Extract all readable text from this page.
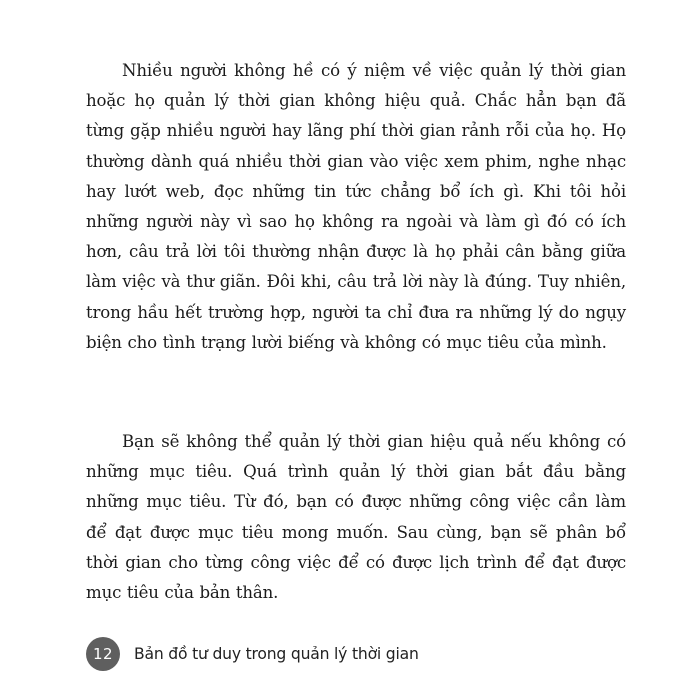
Nhiều người không hề có ý niệm về việc quản lý thời gian hoặc họ quản lý thời gian không hiệu quả. Chắc hẳn bạn đã từng gặp nhiều người hay lãng phí thời gian rảnh rỗi của họ. Họ thường dành quá nhiều thời gian vào việc xem phim, nghe nhạc hay lướt web, đọc những tin tức chẳng bổ ích gì. Khi tôi hỏi những người này vì sao họ không ra ngoài và làm gì đó có ích hơn, câu trả lời tôi thường nhận được là họ phải cân bằng giữa làm việc và thư giãn. Đôi khi, câu trả lời này là đúng. Tuy nhiên, trong hầu hết trường hợp, người ta chỉ đưa ra những lý do ngụy biện cho tình trạng lười biếng và không có mục tiêu của mình.

Bạn sẽ không thể quản lý thời gian hiệu quả nếu không có những mục tiêu. Quá trình quản lý thời gian bắt đầu bằng những mục tiêu. Từ đó, bạn có được những công việc cần làm để đạt được mục tiêu mong muốn. Sau cùng, bạn sẽ phân bổ thời gian cho từng công việc để có được lịch trình để đạt được mục tiêu của bản thân.

12	Bản đồ tư duy trong quản lý thời gian
